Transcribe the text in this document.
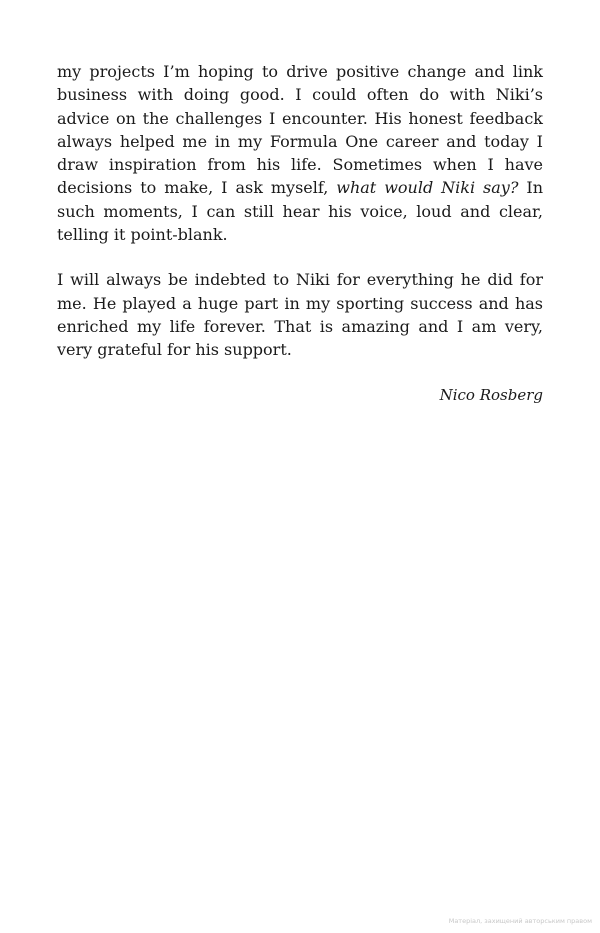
my projects I’m hoping to drive positive change and link business with doing good. I could often do with Niki’s advice on the challenges I encounter. His honest feedback always helped me in my Formula One career and today I draw inspiration from his life. Sometimes when I have decisions to make, I ask myself, what would Niki say? In such moments, I can still hear his voice, loud and clear, telling it point-blank.

I will always be indebted to Niki for everything he did for me. He played a huge part in my sporting success and has enriched my life forever. That is amazing and I am very, very grateful for his support.

Nico Rosberg

Матеріал, захищений авторським правом
